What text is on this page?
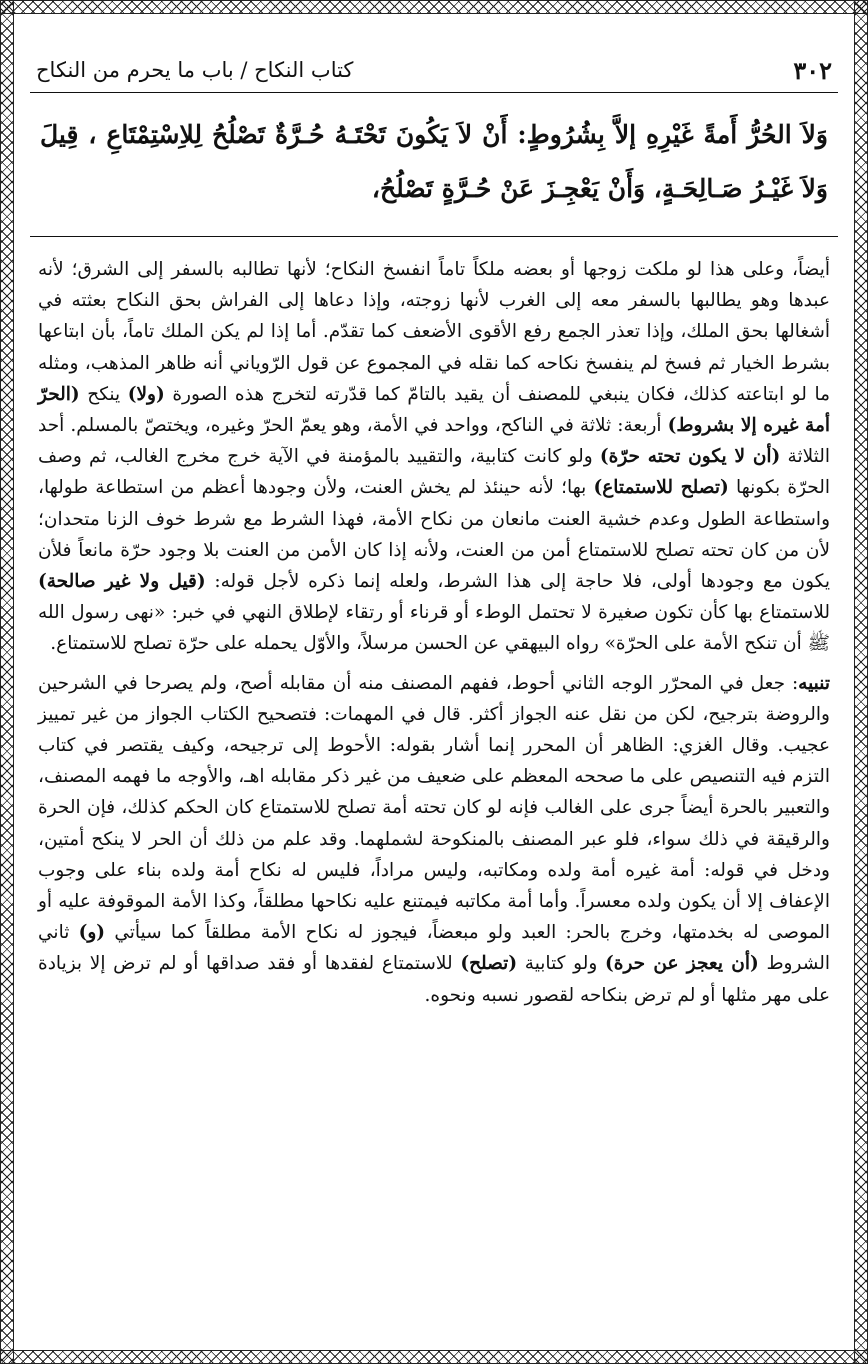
٣٠٢
كتاب النكاح / باب ما يحرم من النكاح
وَلاَ الحُرُّ أَمةً غَيْرِهِ إلاَّ بِشُرُوطٍ: أَنْ لاَ يَكُونَ تَحْتَـهُ حُـرَّةٌ تَصْلُحُ لِلاِسْتِمْتَاعِ ، قِيلَ وَلاَ غَيْـرُ صَـالِحَـةٍ، وَأَنْ يَعْجِـزَ عَنْ حُـرَّةٍ تَصْلُحُ،

أيضاً، وعلى هذا لو ملكت زوجها أو بعضه ملكاً تاماً انفسخ النكاح؛ لأنها تطالبه بالسفر إلى الشرق؛ لأنه عبدها وهو يطالبها بالسفر معه إلى الغرب لأنها زوجته، وإذا دعاها إلى الفراش بحق النكاح بعثته في أشغالها بحق الملك، وإذا تعذر الجمع رفع الأقوى الأضعف كما تقدّم. أما إذا لم يكن الملك تاماً، بأن ابتاعها بشرط الخيار ثم فسخ لم ينفسخ نكاحه كما نقله في المجموع عن قول الرّوياني أنه ظاهر المذهب، ومثله ما لو ابتاعته كذلك، فكان ينبغي للمصنف أن يقيد بالتامّ كما قدّرته لتخرج هذه الصورة (ولا) ينكح (الحرّ أمة غيره إلا بشروط) أربعة: ثلاثة في الناكح، وواحد في الأمة، وهو يعمّ الحرّ وغيره، ويختصّ بالمسلم. أحد الثلاثة (أن لا يكون تحته حرّة) ولو كانت كتابية، والتقييد بالمؤمنة في الآية خرج مخرج الغالب، ثم وصف الحرّة بكونها (تصلح للاستمتاع) بها؛ لأنه حينئذ لم يخش العنت، ولأن وجودها أعظم من استطاعة طولها، واستطاعة الطول وعدم خشية العنت مانعان من نكاح الأمة، فهذا الشرط مع شرط خوف الزنا متحدان؛ لأن من كان تحته تصلح للاستمتاع أمن من العنت، ولأنه إذا كان الأمن من العنت بلا وجود حرّة مانعاً فلأن يكون مع وجودها أولى، فلا حاجة إلى هذا الشرط، ولعله إنما ذكره لأجل قوله: (قيل ولا غير صالحة) للاستمتاع بها كأن تكون صغيرة لا تحتمل الوطء أو قرناء أو رتقاء لإطلاق النهي في خبر: «نهى رسول الله ﷺ أن تنكح الأمة على الحرّة» رواه البيهقي عن الحسن مرسلاً، والأوّل يحمله على حرّة تصلح للاستمتاع.

تنبيه: جعل في المحرّر الوجه الثاني أحوط، ففهم المصنف منه أن مقابله أصح، ولم يصرحا في الشرحين والروضة بترجيح، لكن من نقل عنه الجواز أكثر. قال في المهمات: فتصحيح الكتاب الجواز من غير تمييز عجيب. وقال الغزي: الظاهر أن المحرر إنما أشار بقوله: الأحوط إلى ترجيحه، وكيف يقتصر في كتاب التزم فيه التنصيص على ما صححه المعظم على ضعيف من غير ذكر مقابله اهـ، والأوجه ما فهمه المصنف، والتعبير بالحرة أيضاً جرى على الغالب فإنه لو كان تحته أمة تصلح للاستمتاع كان الحكم كذلك، فإن الحرة والرقيقة في ذلك سواء، فلو عبر المصنف بالمنكوحة لشملهما. وقد علم من ذلك أن الحر لا ينكح أمتين، ودخل في قوله: أمة غيره أمة ولده ومكاتبه، وليس مراداً، فليس له نكاح أمة ولده بناء على وجوب الإعفاف إلا أن يكون ولده معسراً. وأما أمة مكاتبه فيمتنع عليه نكاحها مطلقاً، وكذا الأمة الموقوفة عليه أو الموصى له بخدمتها، وخرج بالحر: العبد ولو مبعضاً، فيجوز له نكاح الأمة مطلقاً كما سيأتي (و) ثاني الشروط (أن يعجز عن حرة) ولو كتابية (تصلح) للاستمتاع لفقدها أو فقد صداقها أو لم ترض إلا بزيادة على مهر مثلها أو لم ترض بنكاحه لقصور نسبه ونحوه.
